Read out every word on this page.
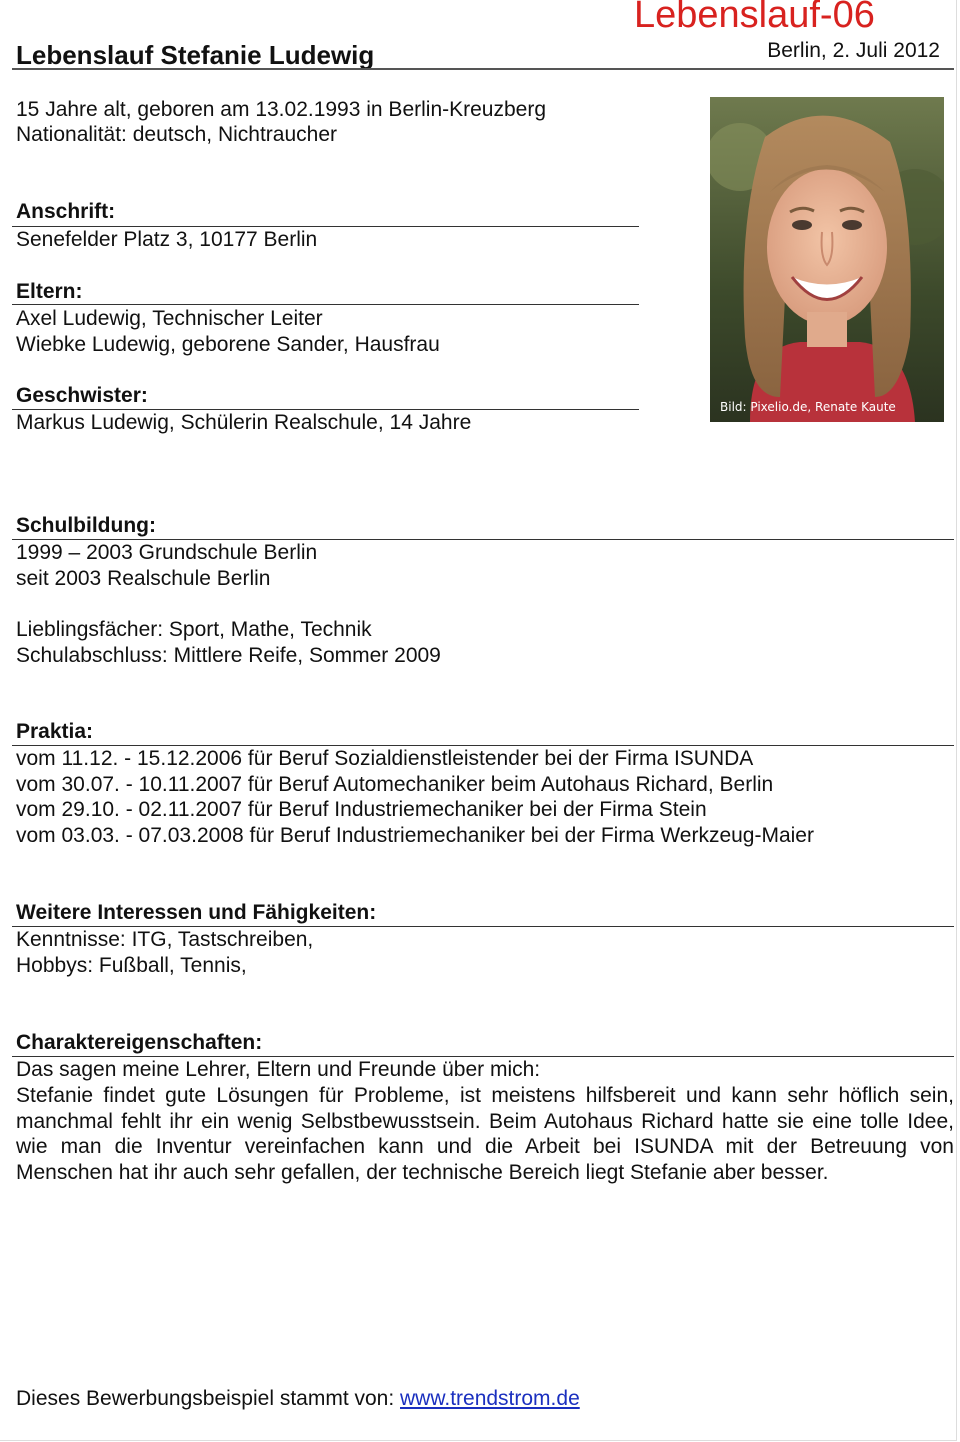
Lebenslauf-06
Lebenslauf Stefanie Ludewig	Berlin, 2. Juli 2012
15 Jahre alt, geboren am 13.02.1993 in Berlin-Kreuzberg
Nationalität: deutsch, Nichtraucher
Bild: Pixelio.de, Renate Kaute
Anschrift:
Senefelder Platz 3, 10177 Berlin
Eltern:
Axel Ludewig, Technischer Leiter
Wiebke Ludewig, geborene Sander, Hausfrau
Geschwister:
Markus Ludewig, Schülerin Realschule, 14 Jahre
Schulbildung:
1999 – 2003 Grundschule Berlin
seit 2003 Realschule Berlin
Lieblingsfächer: Sport, Mathe, Technik
Schulabschluss: Mittlere Reife, Sommer 2009
Praktia:
vom 11.12. - 15.12.2006 für Beruf Sozialdienstleistender bei der Firma ISUNDA
vom 30.07. - 10.11.2007 für Beruf Automechaniker beim Autohaus Richard, Berlin
vom 29.10. - 02.11.2007 für Beruf Industriemechaniker bei der Firma Stein
vom 03.03. - 07.03.2008 für Beruf Industriemechaniker bei der Firma Werkzeug-Maier
Weitere Interessen und Fähigkeiten:
Kenntnisse: ITG, Tastschreiben,
Hobbys: Fußball, Tennis,
Charaktereigenschaften:
Das sagen meine Lehrer, Eltern und Freunde über mich:
Stefanie findet gute Lösungen für Probleme, ist meistens hilfsbereit und kann sehr höflich sein, manchmal fehlt ihr ein wenig Selbstbewusstsein. Beim Autohaus Richard hatte sie eine tolle Idee, wie man die Inventur vereinfachen kann und die Arbeit bei ISUNDA mit der Betreuung von Menschen hat ihr auch sehr gefallen, der technische Bereich liegt Stefanie aber besser.
Dieses Bewerbungsbeispiel stammt von: www.trendstrom.de
